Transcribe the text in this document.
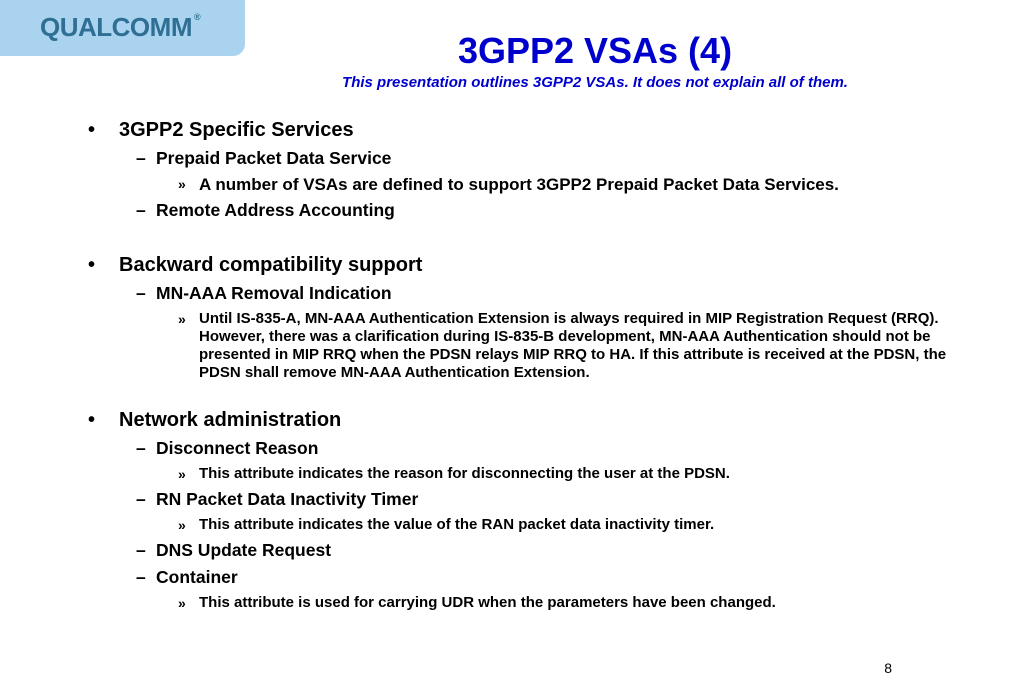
QUALCOMM ®
3GPP2 VSAs (4)
This presentation outlines 3GPP2 VSAs. It does not explain all of them.
• 3GPP2 Specific Services
– Prepaid Packet Data Service
» A number of VSAs are defined to support 3GPP2 Prepaid Packet Data Services.
– Remote Address Accounting
• Backward compatibility support
– MN-AAA Removal Indication
» Until IS-835-A, MN-AAA Authentication Extension is always required in MIP Registration Request (RRQ). However, there was a clarification during IS-835-B development, MN-AAA Authentication should not be presented in MIP RRQ when the PDSN relays MIP RRQ to HA. If this attribute is received at the PDSN, the PDSN shall remove MN-AAA Authentication Extension.
• Network administration
– Disconnect Reason
» This attribute indicates the reason for disconnecting the user at the PDSN.
– RN Packet Data Inactivity Timer
» This attribute indicates the value of the RAN packet data inactivity timer.
– DNS Update Request
– Container
» This attribute is used for carrying UDR when the parameters have been changed.
8
